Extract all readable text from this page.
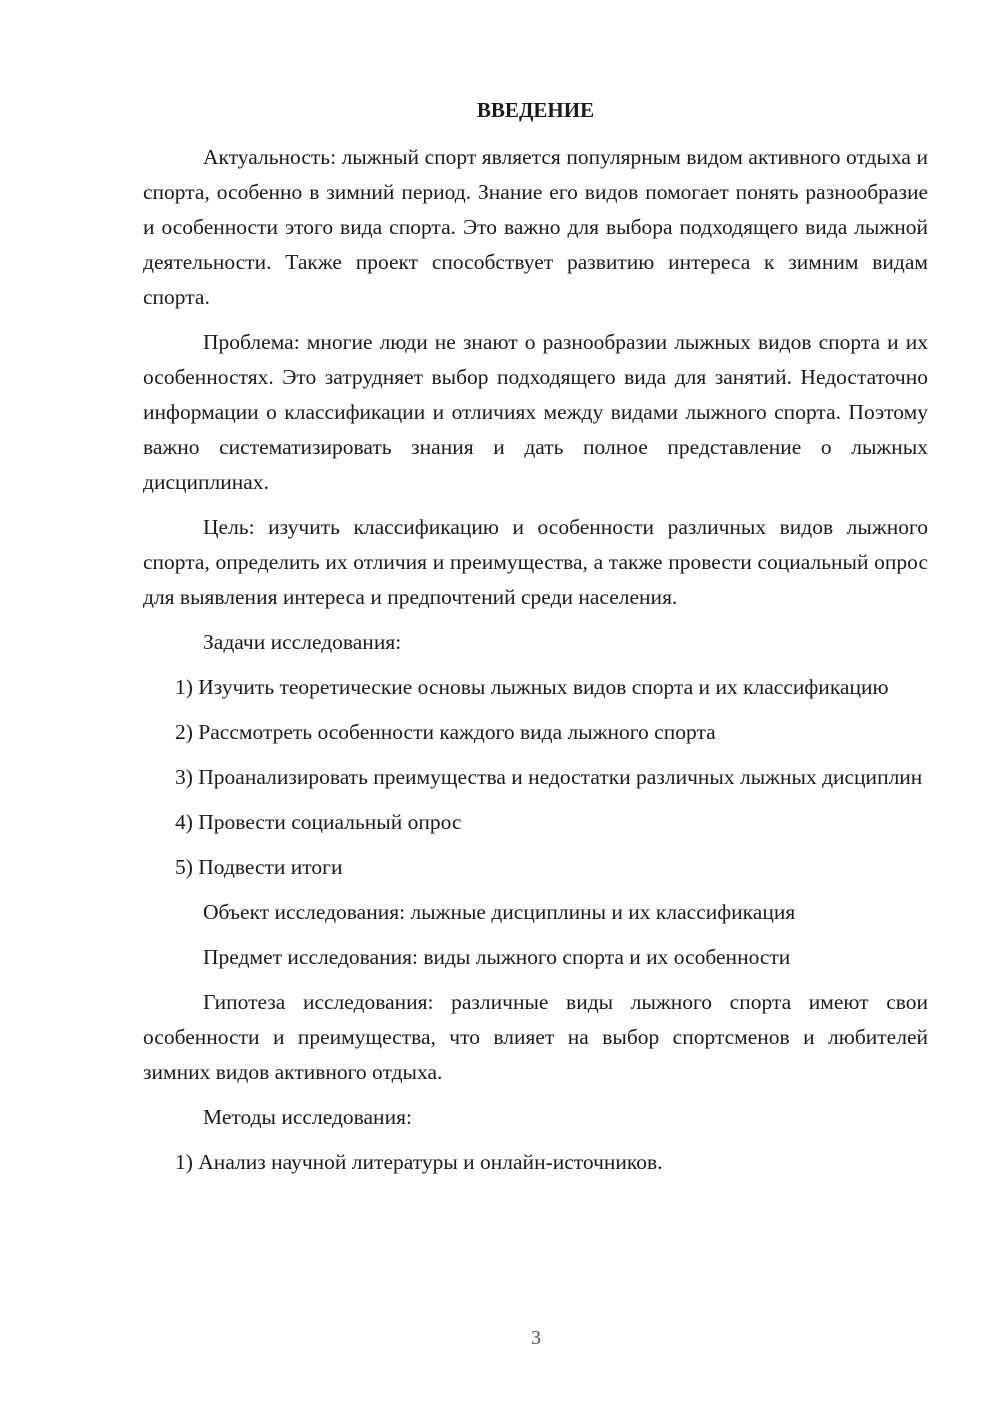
ВВЕДЕНИЕ

Актуальность: лыжный спорт является популярным видом активного отдыха и спорта, особенно в зимний период. Знание его видов помогает понять разнообразие и особенности этого вида спорта. Это важно для выбора подходящего вида лыжной деятельности. Также проект способствует развитию интереса к зимним видам спорта.

Проблема: многие люди не знают о разнообразии лыжных видов спорта и их особенностях. Это затрудняет выбор подходящего вида для занятий. Недостаточно информации о классификации и отличиях между видами лыжного спорта. Поэтому важно систематизировать знания и дать полное представление о лыжных дисциплинах.

Цель: изучить классификацию и особенности различных видов лыжного спорта, определить их отличия и преимущества, а также провести социальный опрос для выявления интереса и предпочтений среди населения.

Задачи исследования:

1) Изучить теоретические основы лыжных видов спорта и их классификацию

2) Рассмотреть особенности каждого вида лыжного спорта

3) Проанализировать преимущества и недостатки различных лыжных дисциплин

4) Провести социальный опрос

5) Подвести итоги

Объект исследования: лыжные дисциплины и их классификация

Предмет исследования: виды лыжного спорта и их особенности

Гипотеза исследования: различные виды лыжного спорта имеют свои особенности и преимущества, что влияет на выбор спортсменов и любителей зимних видов активного отдыха.

Методы исследования:

1) Анализ научной литературы и онлайн-источников.

3
